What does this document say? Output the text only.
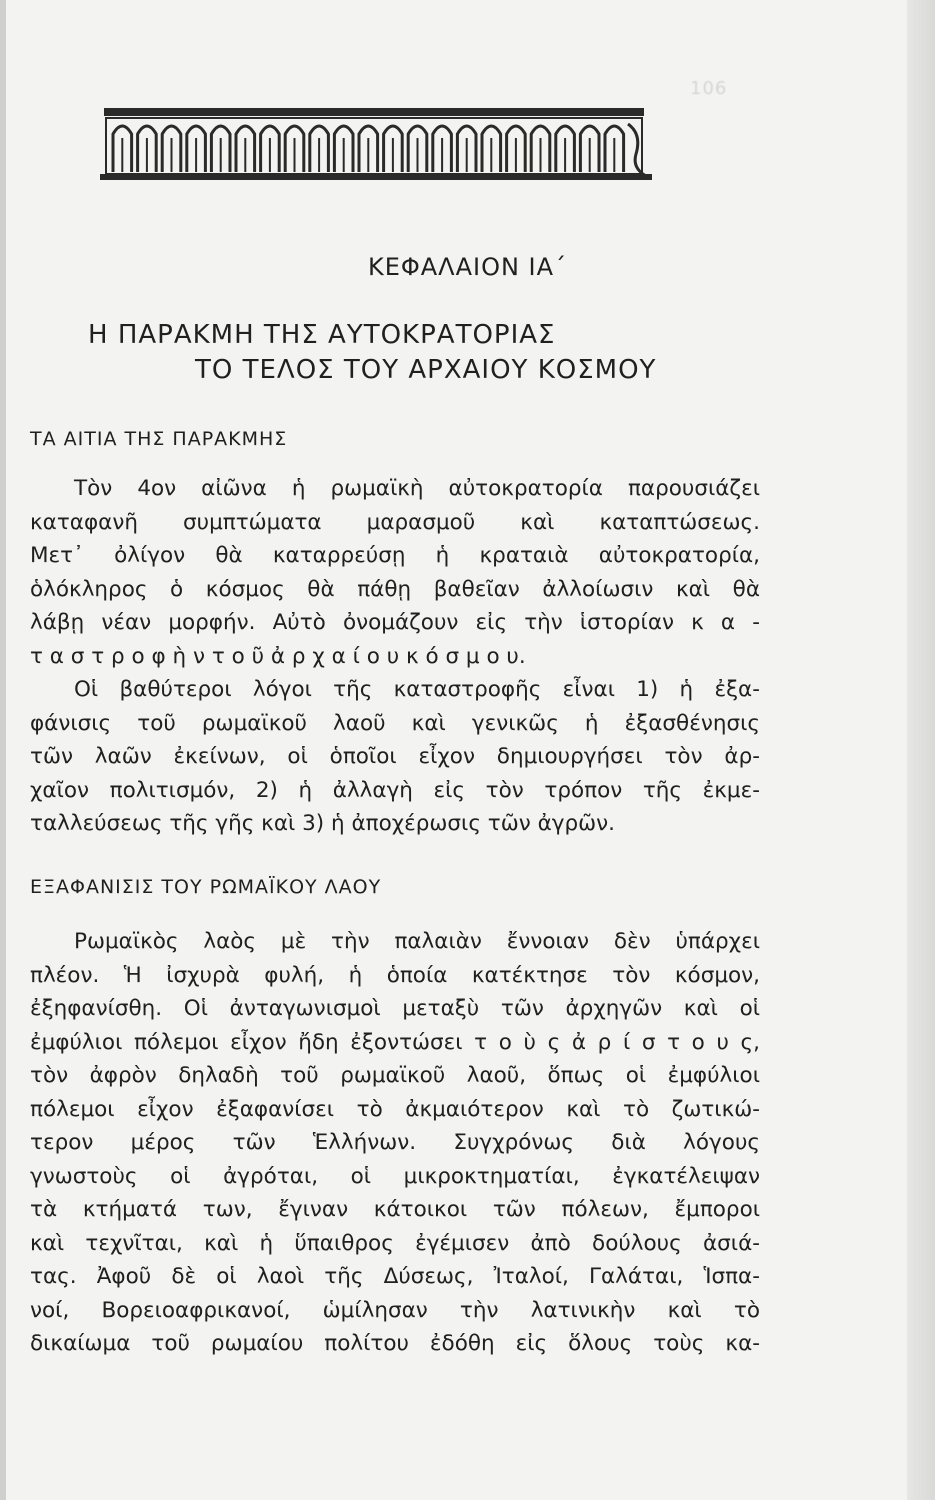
106
ΚΕΦΑΛΑΙΟΝ ΙΑ΄
Η ΠΑΡΑΚΜΗ ΤΗΣ ΑΥΤΟΚΡΑΤΟΡΙΑΣ
ΤΟ ΤΕΛΟΣ ΤΟΥ ΑΡΧΑΙΟΥ ΚΟΣΜΟΥ
ΤΑ ΑΙΤΙΑ ΤΗΣ ΠΑΡΑΚΜΗΣ
Τὸν 4ον αἰῶνα ἡ ρωμαϊκὴ αὐτοκρατορία παρουσιάζει
καταφανῆ συμπτώματα μαρασμοῦ καὶ καταπτώσεως.
Μετ᾽ ὀλίγον θὰ καταρρεύσῃ ἡ κραταιὰ αὐτοκρατορία,
ὁλόκληρος ὁ κόσμος θὰ πάθῃ βαθεῖαν ἀλλοίωσιν καὶ θὰ
λάβῃ νέαν μορφήν. Αὐτὸ ὀνομάζουν εἰς τὴν ἱστορίαν κ α -
τ α σ τ ρ ο φ ὴ ν τ ο ῦ ἀ ρ χ α ί ο υ κ ό σ μ ο υ.
Οἱ βαθύτεροι λόγοι τῆς καταστροφῆς εἶναι 1) ἡ ἐξα-
φάνισις τοῦ ρωμαϊκοῦ λαοῦ καὶ γενικῶς ἡ ἐξασθένησις
τῶν λαῶν ἐκείνων, οἱ ὁποῖοι εἶχον δημιουργήσει τὸν ἀρ-
χαῖον πολιτισμόν, 2) ἡ ἀλλαγὴ εἰς τὸν τρόπον τῆς ἐκμε-
ταλλεύσεως τῆς γῆς καὶ 3) ἡ ἀποχέρωσις τῶν ἀγρῶν.
ΕΞΑΦΑΝΙΣΙΣ ΤΟΥ ΡΩΜΑΪΚΟΥ ΛΑΟΥ
Ρωμαϊκὸς λαὸς μὲ τὴν παλαιὰν ἔννοιαν δὲν ὑπάρχει
πλέον. Ἡ ἰσχυρὰ φυλή, ἡ ὁποία κατέκτησε τὸν κόσμον,
ἐξηφανίσθη. Οἱ ἀνταγωνισμοὶ μεταξὺ τῶν ἀρχηγῶν καὶ οἱ
ἐμφύλιοι πόλεμοι εἶχον ἤδη ἐξοντώσει τ ο ὺ ς ἀ ρ ί σ τ ο υ ς,
τὸν ἀφρὸν δηλαδὴ τοῦ ρωμαϊκοῦ λαοῦ, ὅπως οἱ ἐμφύλιοι
πόλεμοι εἶχον ἐξαφανίσει τὸ ἀκμαιότερον καὶ τὸ ζωτικώ-
τερον μέρος τῶν Ἑλλήνων. Συγχρόνως διὰ λόγους
γνωστοὺς οἱ ἀγρόται, οἱ μικροκτηματίαι, ἐγκατέλειψαν
τὰ κτήματά των, ἔγιναν κάτοικοι τῶν πόλεων, ἔμποροι
καὶ τεχνῖται, καὶ ἡ ὕπαιθρος ἐγέμισεν ἀπὸ δούλους ἀσιά-
τας. Ἀφοῦ δὲ οἱ λαοὶ τῆς Δύσεως, Ἰταλοί, Γαλάται, Ἱσπα-
νοί, Βορειοαφρικανοί, ὡμίλησαν τὴν λατινικὴν καὶ τὸ
δικαίωμα τοῦ ρωμαίου πολίτου ἐδόθη εἰς ὅλους τοὺς κα-
